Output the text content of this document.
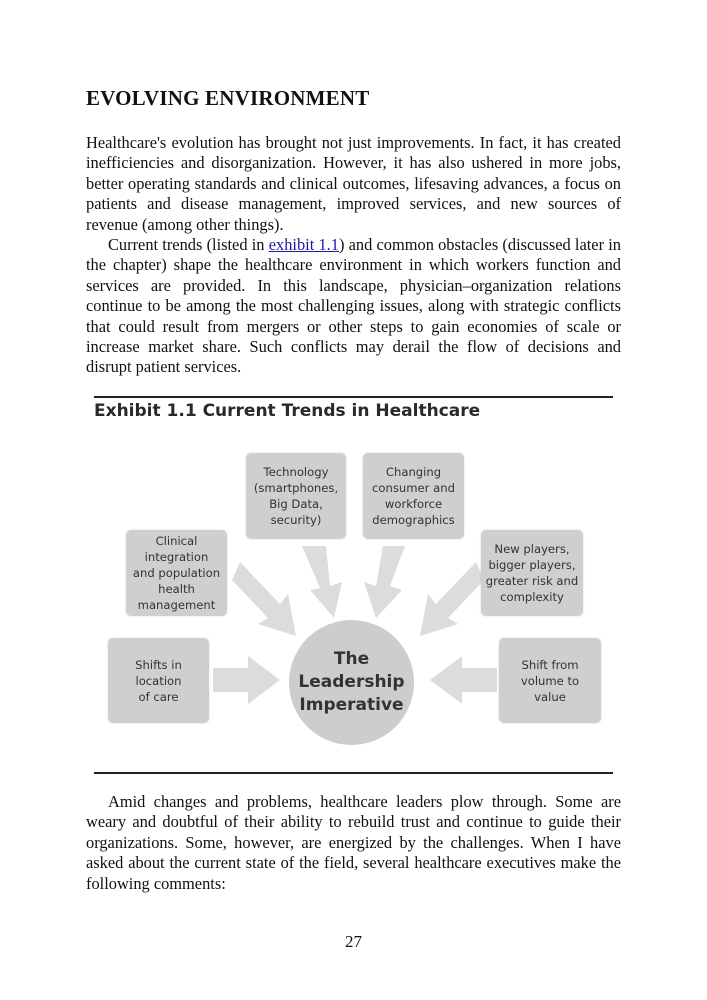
EVOLVING ENVIRONMENT

Healthcare's evolution has brought not just improvements. In fact, it has created inefficiencies and disorganization. However, it has also ushered in more jobs, better operating standards and clinical outcomes, lifesaving advances, a focus on patients and disease management, improved services, and new sources of revenue (among other things).

Current trends (listed in exhibit 1.1) and common obstacles (discussed later in the chapter) shape the healthcare environment in which workers function and services are provided. In this landscape, physician–organization relations continue to be among the most challenging issues, along with strategic conflicts that could result from mergers or other steps to gain economies of scale or increase market share. Such conflicts may derail the flow of decisions and disrupt patient services.

Exhibit 1.1 Current Trends in Healthcare
Technology
(smartphones,
Big Data,
security)
Changing
consumer and
workforce
demographics
Clinical
integration
and population
health
management
New players,
bigger players,
greater risk and
complexity
Shifts in
location
of care
Shift from
volume to
value
The
Leadership
Imperative

Amid changes and problems, healthcare leaders plow through. Some are weary and doubtful of their ability to rebuild trust and continue to guide their organizations. Some, however, are energized by the challenges. When I have asked about the current state of the field, several healthcare executives make the following comments:

27
